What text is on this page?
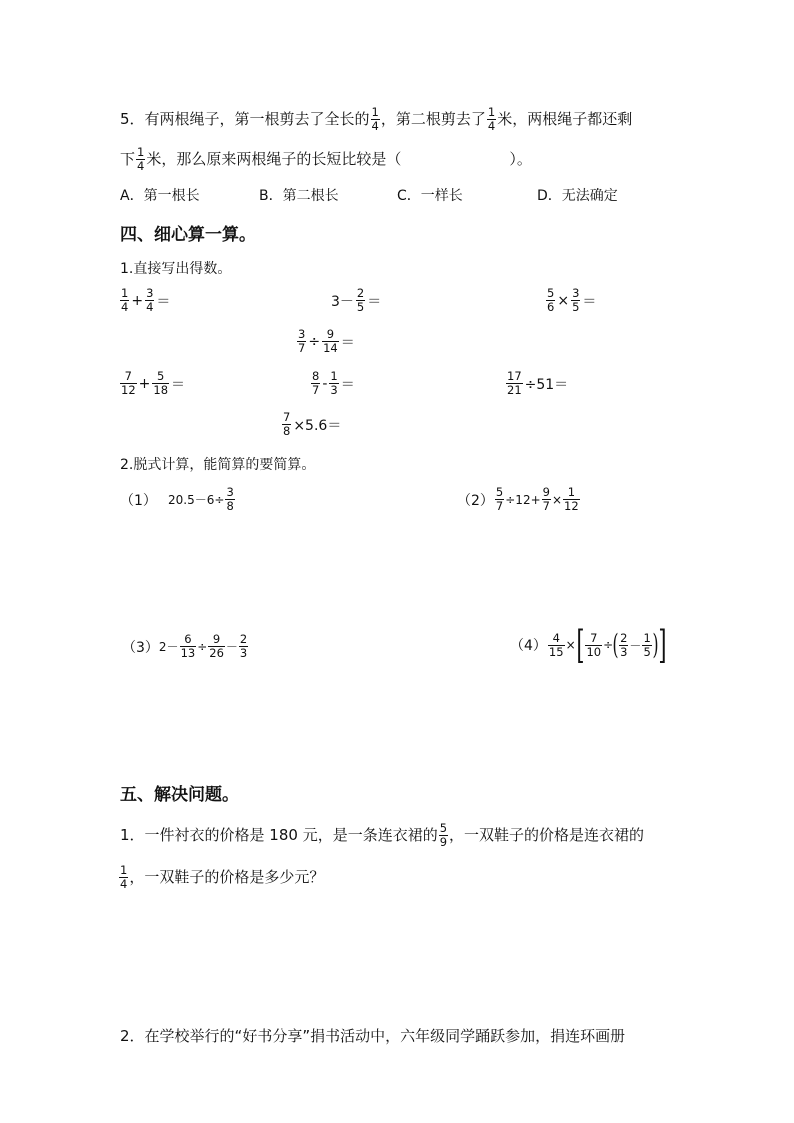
5．有两根绳子，第一根剪去了全长的 $\frac{1}{4}$ ，第二根剪去了 $\frac{1}{4}$ 米，两根绳子都还剩
下 $\frac{1}{4}$ 米，那么原来两根绳子的长短比较是（	）。
A．第一根长	B．第二根长	C．一样长	D．无法确定
四、细心算一算。
1.直接写出得数。
$\frac{1}{4} + \frac{3}{4}$ ＝	$3- \frac{2}{5}$ ＝	$\frac{5}{6} \times \frac{3}{5}$ ＝
$\frac{3}{7} \div \frac{9}{14}$ ＝
$\frac{7}{12} + \frac{5}{18}$ ＝	$\frac{8}{7} - \frac{1}{3}$ ＝	$\frac{17}{21} \div 51=$
$\frac{7}{8} \times 5.6=$
2.脱式计算，能简算的要简算。
（1） $20.5-6\div \frac{3}{8}$	$(2) \frac{5}{7} \div 12+ \frac{9}{7} \times \frac{1}{12}$
$(3)2- \frac{6}{13} \div \frac{9}{26} - \frac{2}{3}$	$(4) \frac{4}{15}$ ×[ $\frac{7}{10}$ ÷( $\frac{2}{3} - \frac{1}{5}$ )]
五、解决问题。
1．一件衬衣的价格是 180 元，是一条连衣裙的 $\frac{5}{9}$ ，一双鞋子的价格是连衣裙的
$\frac{1}{4}$ ，一双鞋子的价格是多少元？
2．在学校举行的“好书分享”捐书活动中，六年级同学踊跃参加，捐连环画册
